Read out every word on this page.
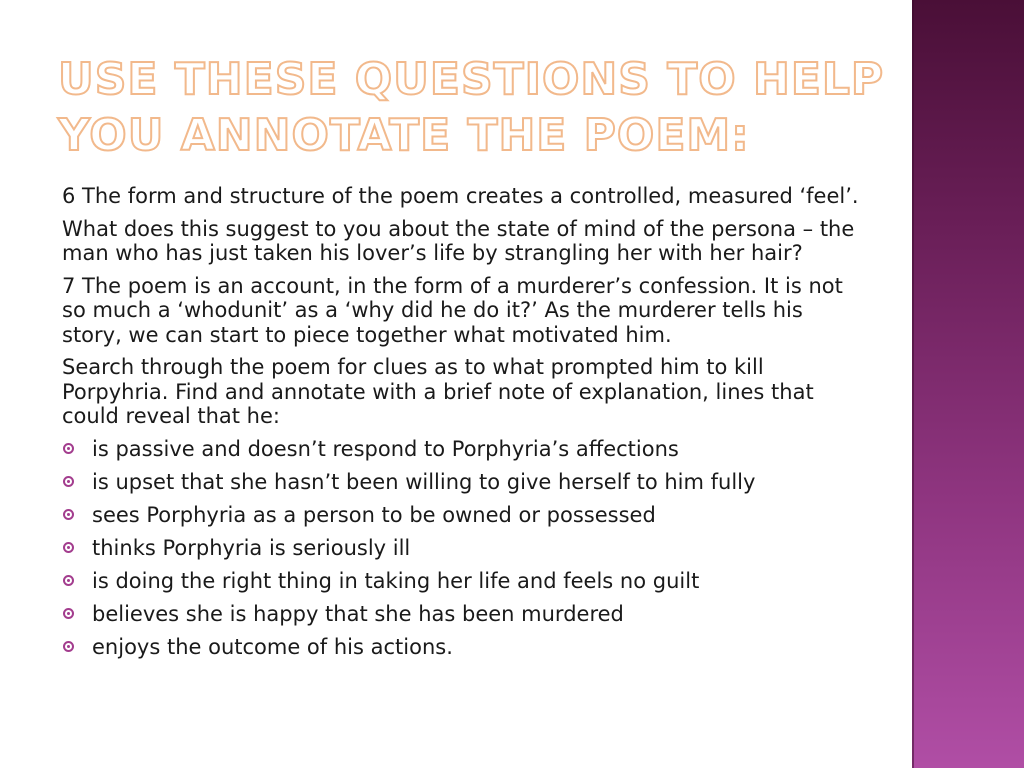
USE THESE QUESTIONS TO HELP
YOU ANNOTATE THE POEM:

6 The form and structure of the poem creates a controlled, measured ‘feel’.

What does this suggest to you about the state of mind of the persona – the man who has just taken his lover’s life by strangling her with her hair?

7 The poem is an account, in the form of a murderer’s confession. It is not so much a ‘whodunit’ as a ‘why did he do it?’ As the murderer tells his story, we can start to piece together what motivated him.

Search through the poem for clues as to what prompted him to kill Porpyhria. Find and annotate with a brief note of explanation, lines that could reveal that he:

is passive and doesn’t respond to Porphyria’s affections
is upset that she hasn’t been willing to give herself to him fully
sees Porphyria as a person to be owned or possessed
thinks Porphyria is seriously ill
is doing the right thing in taking her life and feels no guilt
believes she is happy that she has been murdered
enjoys the outcome of his actions.
